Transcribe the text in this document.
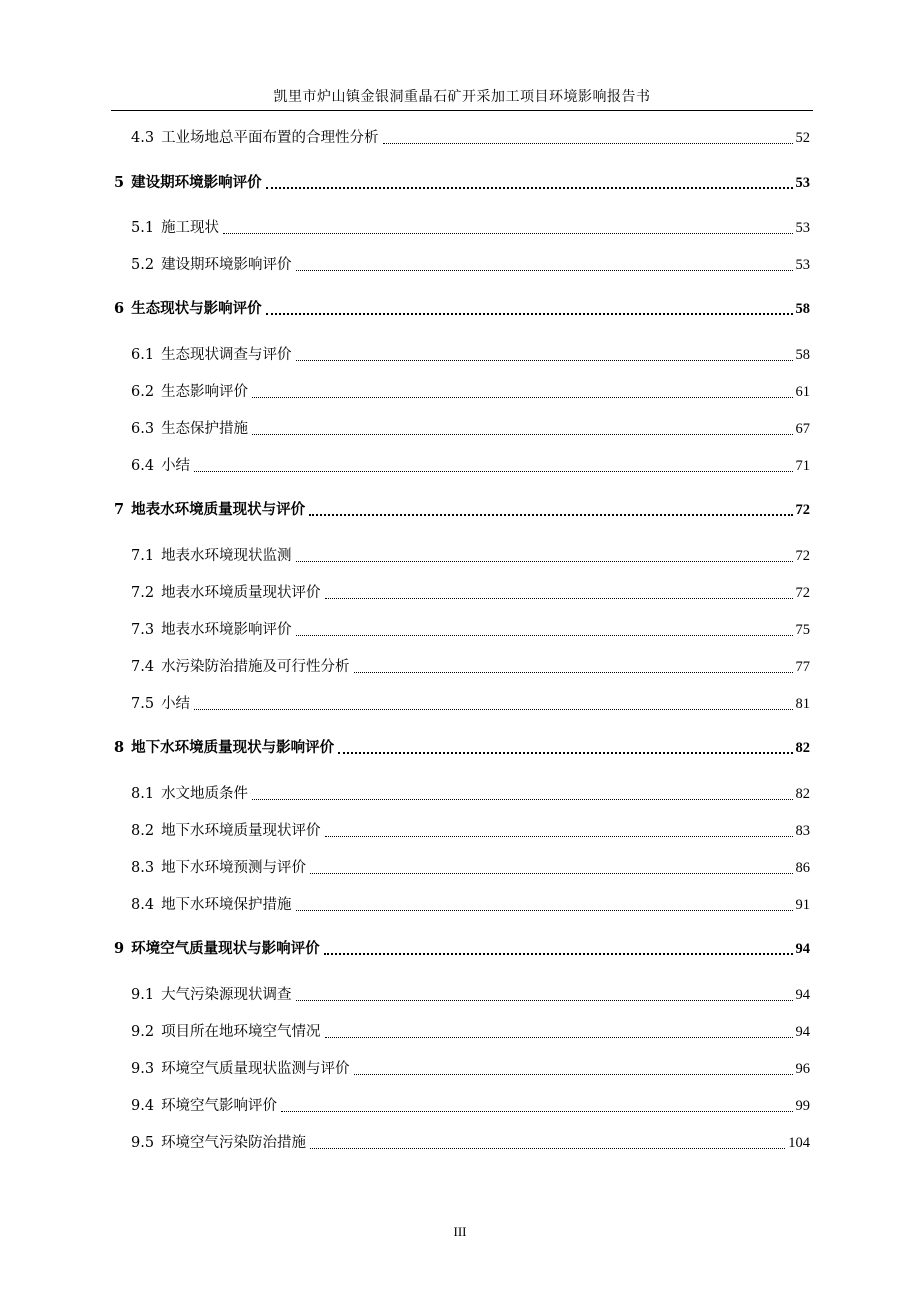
凯里市炉山镇金银洞重晶石矿开采加工项目环境影响报告书
4.3 工业场地总平面布置的合理性分析	52
5 建设期环境影响评价	53
5.1 施工现状	53
5.2 建设期环境影响评价	53
6 生态现状与影响评价	58
6.1 生态现状调查与评价	58
6.2 生态影响评价	61
6.3 生态保护措施	67
6.4 小结	71
7 地表水环境质量现状与评价	72
7.1 地表水环境现状监测	72
7.2 地表水环境质量现状评价	72
7.3 地表水环境影响评价	75
7.4 水污染防治措施及可行性分析	77
7.5 小结	81
8 地下水环境质量现状与影响评价	82
8.1 水文地质条件	82
8.2 地下水环境质量现状评价	83
8.3 地下水环境预测与评价	86
8.4 地下水环境保护措施	91
9 环境空气质量现状与影响评价	94
9.1 大气污染源现状调查	94
9.2 项目所在地环境空气情况	94
9.3 环境空气质量现状监测与评价	96
9.4 环境空气影响评价	99
9.5 环境空气污染防治措施	104
III
